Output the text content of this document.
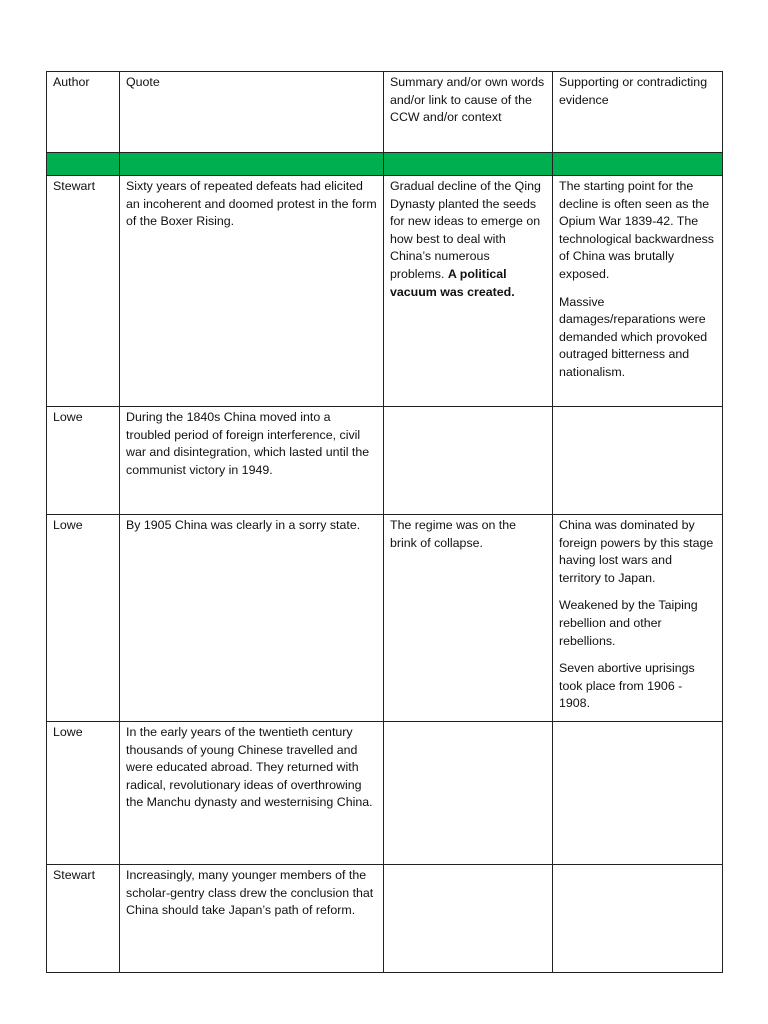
Author	Quote	Summary and/or own words and/or link to cause of the CCW and/or context	Supporting or contradicting evidence

Stewart	Sixty years of repeated defeats had elicited an incoherent and doomed protest in the form of the Boxer Rising.	Gradual decline of the Qing Dynasty planted the seeds for new ideas to emerge on how best to deal with China’s numerous problems. A political vacuum was created.	The starting point for the decline is often seen as the Opium War 1839-42. The technological backwardness of China was brutally exposed.
Massive damages/reparations were demanded which provoked outraged bitterness and nationalism.

Lowe	During the 1840s China moved into a troubled period of foreign interference, civil war and disintegration, which lasted until the communist victory in 1949.		
Lowe	By 1905 China was clearly in a sorry state.	The regime was on the brink of collapse.	China was dominated by foreign powers by this stage having lost wars and territory to Japan.
Weakened by the Taiping rebellion and other rebellions.
Seven abortive uprisings took place from 1906 - 1908.

Lowe	In the early years of the twentieth century thousands of young Chinese travelled and were educated abroad. They returned with radical, revolutionary ideas of overthrowing the Manchu dynasty and westernising China.		
Stewart	Increasingly, many younger members of the scholar-gentry class drew the conclusion that China should take Japan’s path of reform.		
